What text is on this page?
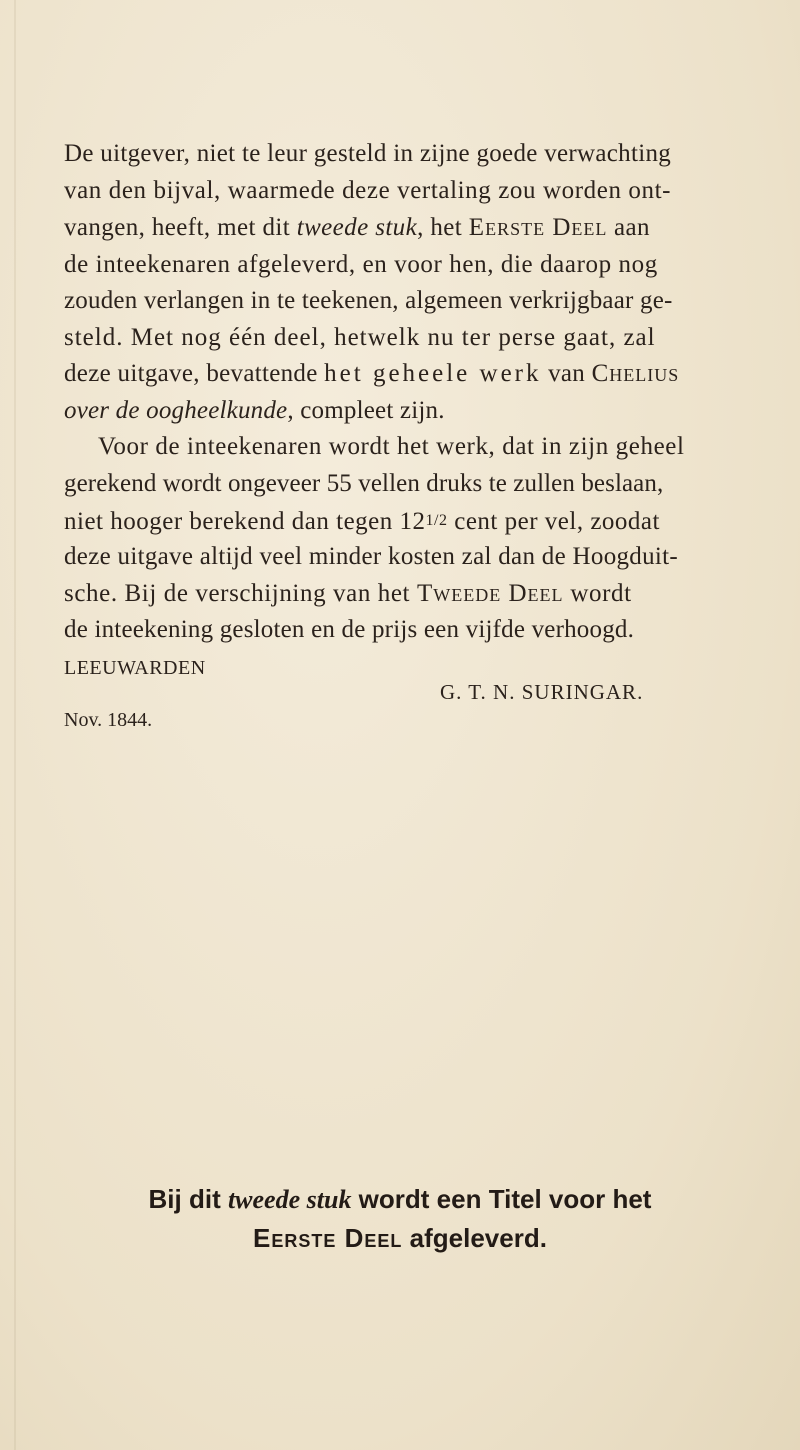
De uitgever, niet te leur gesteld in zijne goede verwachting

van den bijval, waarmede deze vertaling zou worden ont-

vangen, heeft, met dit tweede stuk, het Eerste Deel aan

de inteekenaren afgeleverd, en voor hen, die daarop nog

zouden verlangen in te teekenen, algemeen verkrijgbaar ge-

steld. Met nog één deel, hetwelk nu ter perse gaat, zal

deze uitgave, bevattende het geheele werk van Chelius

over de oogheelkunde, compleet zijn.

Voor de inteekenaren wordt het werk, dat in zijn geheel

gerekend wordt ongeveer 55 vellen druks te zullen beslaan,

niet hooger berekend dan tegen 121/2 cent per vel, zoodat

deze uitgave altijd veel minder kosten zal dan de Hoogduit-

sche. Bij de verschijning van het Tweede Deel wordt

de inteekening gesloten en de prijs een vijfde verhoogd.

LEEUWARDEN
G. T. N. SURINGAR.
Nov. 1844.

Bij dit tweede stuk wordt een Titel voor het

Eerste Deel afgeleverd.
